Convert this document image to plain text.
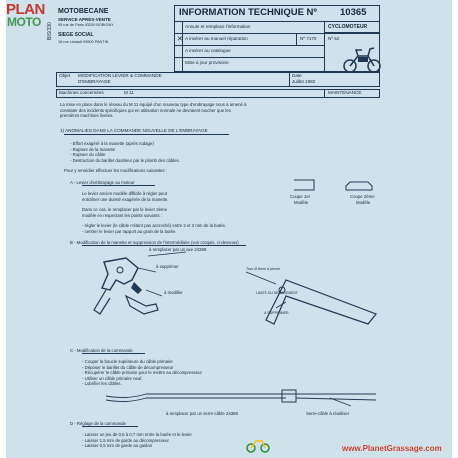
PLAN
MOTO
BIS/330
MOTOBECANE
SERVICE APRES-VENTE
95 rue de Paris 93200 BOBIGNY
SIEGE SOCIAL
16 rue Lesault 93500 PANTIN
INFORMATION TECHNIQUE Nº 10365
✕
Annule et remplace l'information
A insérer au manuel réparation
A insérer au catalogue
Mise à jour provisoire
Nº 7170
CYCLOMOTEUR
Nº 52
Objet MODIFICATION LEVIER & COMMANDE
D'EMBRAYAGE
Date
Juillet 1982
Machines concernées	M 11	MAINTENANCE
La mise en place dans le réseau du M 11 équipé d'un nouveau type d'embrayage nous a amené à
constater des incidents spécifiques qui en utilisation normale ne devraient toucher que les
premières machines livrées.
1) ANOMALIES DANS LA COMMANDE NOUVELLE DE L'EMBRAYAGE
- Effort exagéré à la manette (après rodage)
- Rupture de la manette
- Rupture du câble
- Destruction du barillet doubleur par le plomb des câbles.
Pour y remédier effectuer les modifications suivantes :
A - Levier d'embrayage au moteur
Le levier ancien modèle difficile à régler peut
entraîner une dureté exagérée de la manette.
Dans ce cas, le remplacer par le levier 2ème
modèle en respectant les points suivants :
- régler le levier (le câble n'étant pas accroché) entre 2 et 3 mm de la butée.
- centrer le levier par rapport au grain de la butée.
Coupe 1er
Modèle
Coupe 2ème
Modèle
B - Modification de la manette et suppression de l'intermédiaire (voir croquis, ci-dessous)
à remplacer par un axe 24388
à supprimer
à modifier
Trou Ø 8mm à percer
LIMITE DU DEGAGEMENT
A SUPPRIMER
C - Modification de la commande
- Couper la boucle supérieure du câble primaire
- Déposer le barillet du câble de décompresseur
- Récupérer le câble primaire pour le mettre au décompresseur
- Utiliser un câble primaire neuf.
- Lubrifier les câbles.
à remplacer par un serre-câble 24389	Serre-câble à réutiliser
D - Réglage de la commande
- Laisser un jeu de 0,5 à 0,7 mm entre la butée et le levier
- Laisser 1,5 mm de garde au décompresseur
- Laisser 0,5 mm de garde au guidon	www.PlanetGrassage.com
